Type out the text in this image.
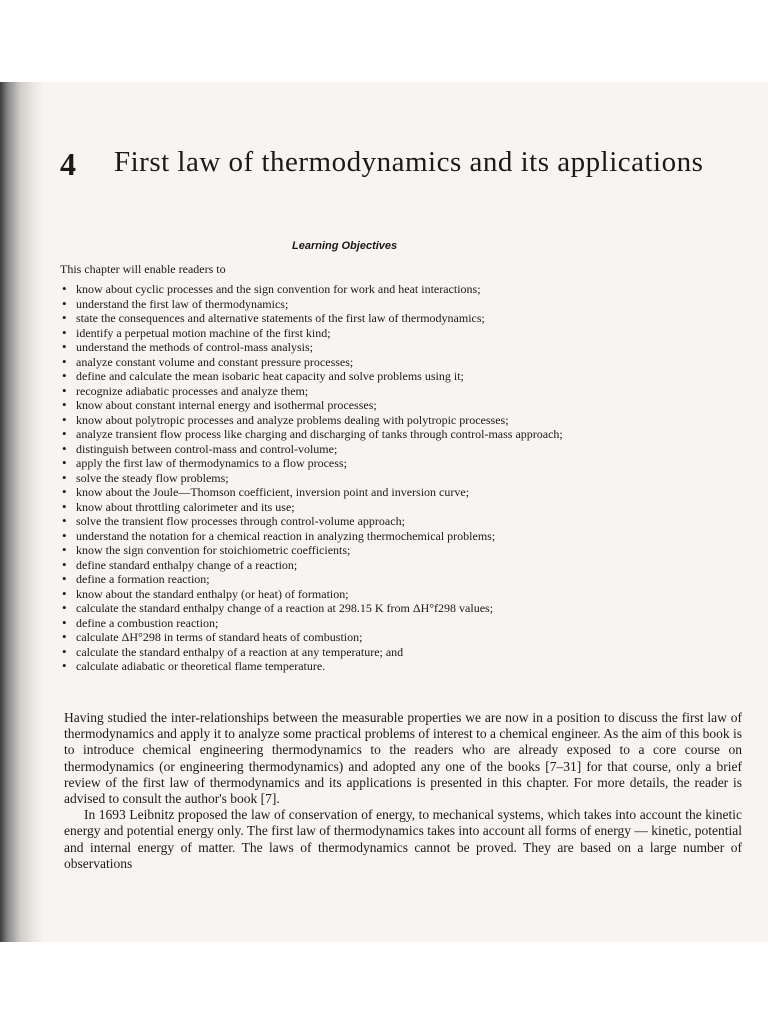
4 First law of thermodynamics and its applications
Learning Objectives
This chapter will enable readers to
• know about cyclic processes and the sign convention for work and heat interactions;
• understand the first law of thermodynamics;
• state the consequences and alternative statements of the first law of thermodynamics;
• identify a perpetual motion machine of the first kind;
• understand the methods of control-mass analysis;
• analyze constant volume and constant pressure processes;
• define and calculate the mean isobaric heat capacity and solve problems using it;
• recognize adiabatic processes and analyze them;
• know about constant internal energy and isothermal processes;
• know about polytropic processes and analyze problems dealing with polytropic processes;
• analyze transient flow process like charging and discharging of tanks through control-mass approach;
• distinguish between control-mass and control-volume;
• apply the first law of thermodynamics to a flow process;
• solve the steady flow problems;
• know about the Joule—Thomson coefficient, inversion point and inversion curve;
• know about throttling calorimeter and its use;
• solve the transient flow processes through control-volume approach;
• understand the notation for a chemical reaction in analyzing thermochemical problems;
• know the sign convention for stoichiometric coefficients;
• define standard enthalpy change of a reaction;
• define a formation reaction;
• know about the standard enthalpy (or heat) of formation;
• calculate the standard enthalpy change of a reaction at 298.15 K from ΔH°f298 values;
• define a combustion reaction;
• calculate ΔH°298 in terms of standard heats of combustion;
• calculate the standard enthalpy of a reaction at any temperature; and
• calculate adiabatic or theoretical flame temperature.

Having studied the inter-relationships between the measurable properties we are now in a position to discuss the first law of thermodynamics and apply it to analyze some practical problems of interest to a chemical engineer. As the aim of this book is to introduce chemical engineering thermodynamics to the readers who are already exposed to a core course on thermodynamics (or engineering thermodynamics) and adopted any one of the books [7–31] for that course, only a brief review of the first law of thermodynamics and its applications is presented in this chapter. For more details, the reader is advised to consult the author's book [7].

In 1693 Leibnitz proposed the law of conservation of energy, to mechanical systems, which takes into account the kinetic energy and potential energy only. The first law of thermodynamics takes into account all forms of energy — kinetic, potential and internal energy of matter. The laws of thermodynamics cannot be proved. They are based on a large number of observations
